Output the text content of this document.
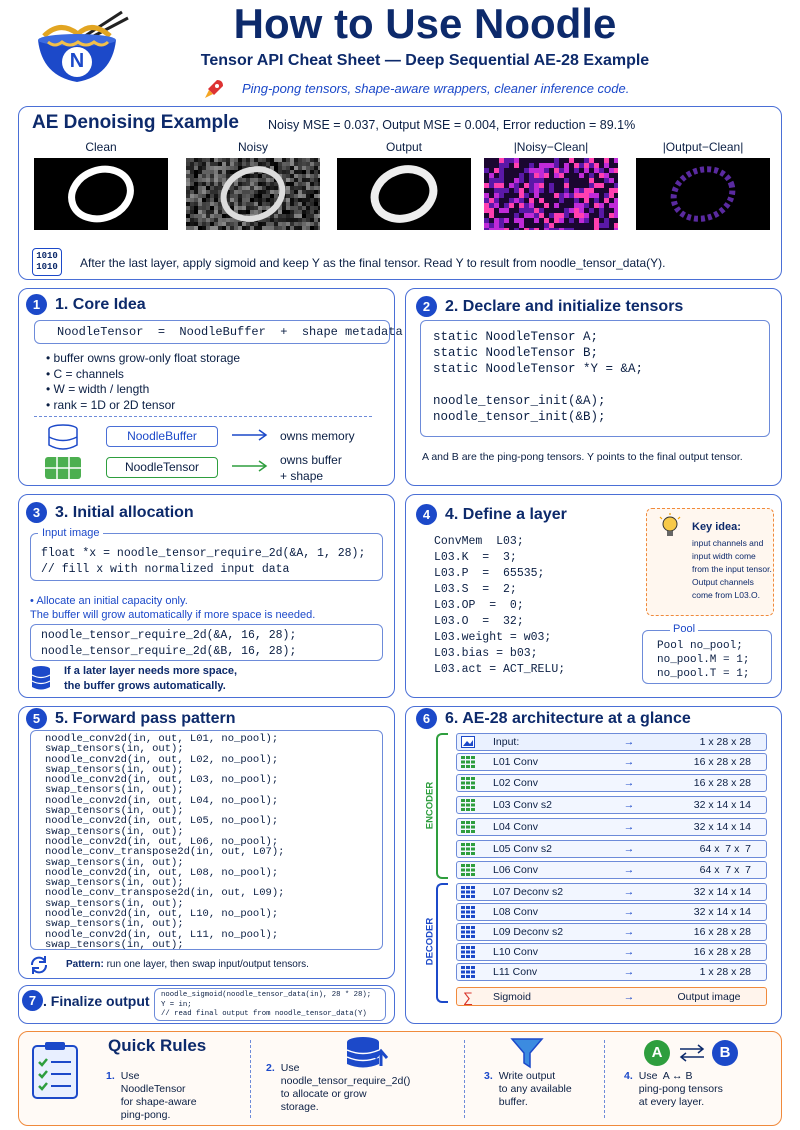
N
How to Use Noodle
Tensor API Cheat Sheet — Deep Sequential AE-28 Example
Ping-pong tensors, shape-aware wrappers, cleaner inference code.
AE Denoising Example Noisy MSE = 0.037, Output MSE = 0.004, Error reduction = 89.1%
Clean	Noisy	Output	|Noisy−Clean|	|Output−Clean|
1010
1010	After the last layer, apply sigmoid and keep Y as the final tensor. Read Y to result from noodle_tensor_data(Y).
1 1. Core Idea
NoodleTensor  =  NoodleBuffer  +  shape metadata
• buffer owns grow-only float storage
• C = channels
• W = width / length
• rank = 1D or 2D tensor
NoodleBuffer	owns memory
NoodleTensor	owns buffer
+ shape
2 2. Declare and initialize tensors
static NoodleTensor A;
static NoodleTensor B;
static NoodleTensor *Y = &A;

noodle_tensor_init(&A);
noodle_tensor_init(&B);
A and B are the ping-pong tensors. Y points to the final output tensor.
3 3. Initial allocation
float *x = noodle_tensor_require_2d(&A, 1, 28);
// fill x with normalized input data
Input image
• Allocate an initial capacity only.
The buffer will grow automatically if more space is needed.
noodle_tensor_require_2d(&A, 16, 28);
noodle_tensor_require_2d(&B, 16, 28);
If a later layer needs more space,
the buffer grows automatically.
4 4. Define a layer
ConvMem  L03;
L03.K  =  3;
L03.P  =  65535;
L03.S  =  2;
L03.OP  =  0;
L03.O  =  32;
L03.weight = w03;
L03.bias = b03;
L03.act = ACT_RELU;
Key idea:
input channels and
input width come
from the input tensor.
Output channels
come from L03.O.
Pool no_pool;
no_pool.M = 1;
no_pool.T = 1;
Pool
5 5. Forward pass pattern
noodle_conv2d(in, out, L01, no_pool);
swap_tensors(in, out);
noodle_conv2d(in, out, L02, no_pool);
swap_tensors(in, out);
noodle_conv2d(in, out, L03, no_pool);
swap_tensors(in, out);
noodle_conv2d(in, out, L04, no_pool);
swap_tensors(in, out);
noodle_conv2d(in, out, L05, no_pool);
swap_tensors(in, out);
noodle_conv2d(in, out, L06, no_pool);
noodle_conv_transpose2d(in, out, L07);
swap_tensors(in, out);
noodle_conv2d(in, out, L08, no_pool);
swap_tensors(in, out);
noodle_conv_transpose2d(in, out, L09);
swap_tensors(in, out);
noodle_conv2d(in, out, L10, no_pool);
swap_tensors(in, out);
noodle_conv2d(in, out, L11, no_pool);
swap_tensors(in, out);
Pattern: run one layer, then swap input/output tensors.
7 . Finalize output	noodle_sigmoid(noodle_tensor_data(in), 28 * 28);
Y = in;
// read final output from noodle_tensor_data(Y)
6 6. AE-28 architecture at a glance
ENCODER
DECODER
Input:	→	1 x 28 x 28
L01 Conv	→	16 x 28 x 28
L02 Conv	→	16 x 28 x 28
L03 Conv s2	→	32 x 14 x 14
L04 Conv	→	32 x 14 x 14
L05 Conv s2	→	64 x  7 x  7
L06 Conv	→	64 x  7 x  7
L07 Deconv s2	→	32 x 14 x 14
L08 Conv	→	32 x 14 x 14
L09 Deconv s2	→	16 x 28 x 28
L10 Conv	→	16 x 28 x 28
L11 Conv	→	1 x 28 x 28
∑	Sigmoid	→	Output image
Quick Rules
1. Use
NoodleTensor
for shape-aware
ping-pong.
2. Use
noodle_tensor_require_2d()
to allocate or grow
storage.
3. Write output
to any available
buffer.
A	B
4. Use  A ↔ B
ping-pong tensors
at every layer.
